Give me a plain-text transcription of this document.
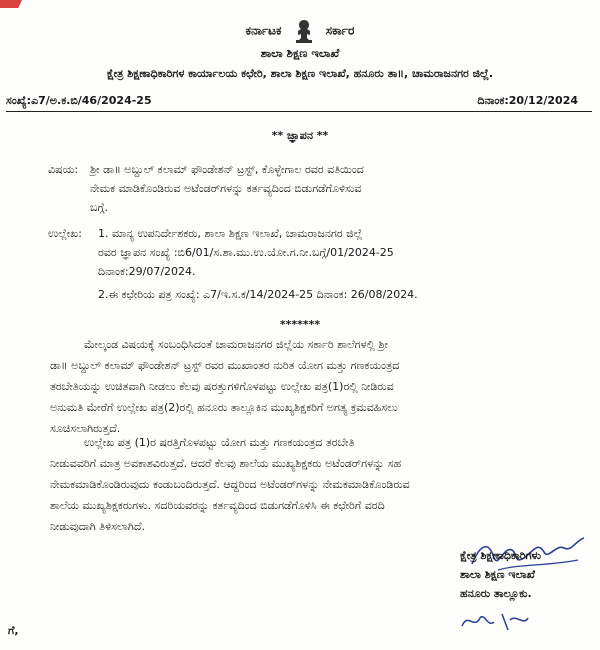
ಕರ್ನಾಟಕ	ಸರ್ಕಾರ
ಶಾಲಾ ಶಿಕ್ಷಣ ಇಲಾಖೆ
ಕ್ಷೇತ್ರ ಶಿಕ್ಷಣಾಧಿಕಾರಿಗಳ ಕಾರ್ಯಾಲಯ ಕಛೇರಿ, ಶಾಲಾ ಶಿಕ್ಷಣ ಇಲಾಖೆ, ಹನೂರು ತಾ॥, ಚಾಮರಾಜನಗರ ಜಿಲ್ಲೆ.
ಸಂಖ್ಯೆ:ಎ7/ಅ.ಕ.ಬಿ/46/2024-25	ದಿನಾಂಕ:20/12/2024
** ಜ್ಞಾಪನ **
ವಿಷಯ: ಶ್ರೀ ಡಾ॥ ಅಬ್ದುಲ್ ಕಲಾಮ್ ಫೌಂಡೇಶನ್ ಟ್ರಸ್ಟ್, ಕೊಳ್ಳೇಗಾಲ ರವರ ವತಿಯಿಂದ
ನೇಮಕ ಮಾಡಿಕೊಂಡಿರುವ ಅಟೆಂಡರ್‌ಗಳನ್ನು ಕರ್ತವ್ಯದಿಂದ ಬಿಡುಗಡೆಗೊಳಿಸುವ
ಬಗ್ಗೆ.
ಉಲ್ಲೇಖ: 1. ಮಾನ್ಯ ಉಪನಿರ್ದೇಶಕರು, ಶಾಲಾ ಶಿಕ್ಷಣ ಇಲಾಖೆ, ಚಾಮರಾಜನಗರ ಜಿಲ್ಲೆ
ರವರ ಜ್ಞಾಪನ ಸಂಖ್ಯೆ :ಬಿ6/01/ಸ.ಶಾ.ಮು.ಉ.ಯೋ.ಗ.ನೀ.ಬಗ್ಗೆ/01/2024-25
ದಿನಾಂಕ:29/07/2024.
2.ಈ ಕಛೇರಿಯ ಪತ್ರ ಸಂಖ್ಯೆ: ಎ7/ಇ.ಸ.ಕ/14/2024-25 ದಿನಾಂಕ: 26/08/2024.
*******
ಮೇಲ್ಕಂಡ ವಿಷಯಕ್ಕೆ ಸಂಬಂಧಿಸಿದಂತೆ ಚಾಮರಾಜನಗರ ಜಿಲ್ಲೆಯ ಸರ್ಕಾರಿ ಶಾಲೆಗಳಲ್ಲಿ ಶ್ರೀ
ಡಾ॥ ಅಬ್ದುಲ್ ಕಲಾಮ್ ಫೌಂಡೇಶನ್ ಟ್ರಸ್ಟ್ ರವರ ಮುಖಾಂತರ ನುರಿತ ಯೋಗ ಮತ್ತು ಗಣಕಯಂತ್ರದ
ತರಬೇತಿಯನ್ನು ಉಚಿತವಾಗಿ ನೀಡಲು ಕೆಲವು ಷರತ್ತುಗಳಿಗೊಳಪಟ್ಟು ಉಲ್ಲೇಖ ಪತ್ರ(1)ರಲ್ಲಿ ನೀಡಿರುವ
ಅನುಮತಿ ಮೇರೆಗೆ ಉಲ್ಲೇಖ ಪತ್ರ(2)ರಲ್ಲಿ ಹನೂರು ತಾಲ್ಲೂಕಿನ ಮುಖ್ಯಶಿಕ್ಷಕರಿಗೆ ಅಗತ್ಯ ಕ್ರಮವಹಿಸಲು
ಸೂಚಿಸಲಾಗಿರುತ್ತದೆ.
ಉಲ್ಲೇಖ ಪತ್ರ (1)ರ ಷರತ್ತಿಗೊಳಪಟ್ಟು ಯೋಗ ಮತ್ತು ಗಣಕಯಂತ್ರದ ತರಬೇತಿ
ನೀಡುವವರಿಗೆ ಮಾತ್ರ ಅವಕಾಶವಿರುತ್ತದೆ. ಆದರೆ ಕೆಲವು ಶಾಲೆಯ ಮುಖ್ಯಶಿಕ್ಷಕರು ಅಟೆಂಡರ್‌ಗಳನ್ನು ಸಹ
ನೇಮಕಮಾಡಿಕೊಂಡಿರುವುದು ಕಂಡುಬಂದಿರುತ್ತದೆ. ಆದ್ದರಿಂದ ಅಟೆಂಡರ್‌ಗಳನ್ನು ನೇಮಕಮಾಡಿಕೊಂಡಿರುವ
ಶಾಲೆಯ ಮುಖ್ಯಶಿಕ್ಷಕರುಗಳು. ಸದರಿಯವರನ್ನು ಕರ್ತವ್ಯದಿಂದ ಬಿಡುಗಡೆಗೊಳಿಸಿ ಈ ಕಛೇರಿಗೆ ವರದಿ
ನೀಡುವುದಾಗಿ ತಿಳಿಸಲಾಗಿದೆ.
ಕ್ಷೇತ್ರ ಶಿಕ್ಷಣಾಧಿಕಾರಿಗಳು
ಶಾಲಾ ಶಿಕ್ಷಣ ಇಲಾಖೆ
ಹನೂರು ತಾಲ್ಲೂಕು.
ಗೆ,
